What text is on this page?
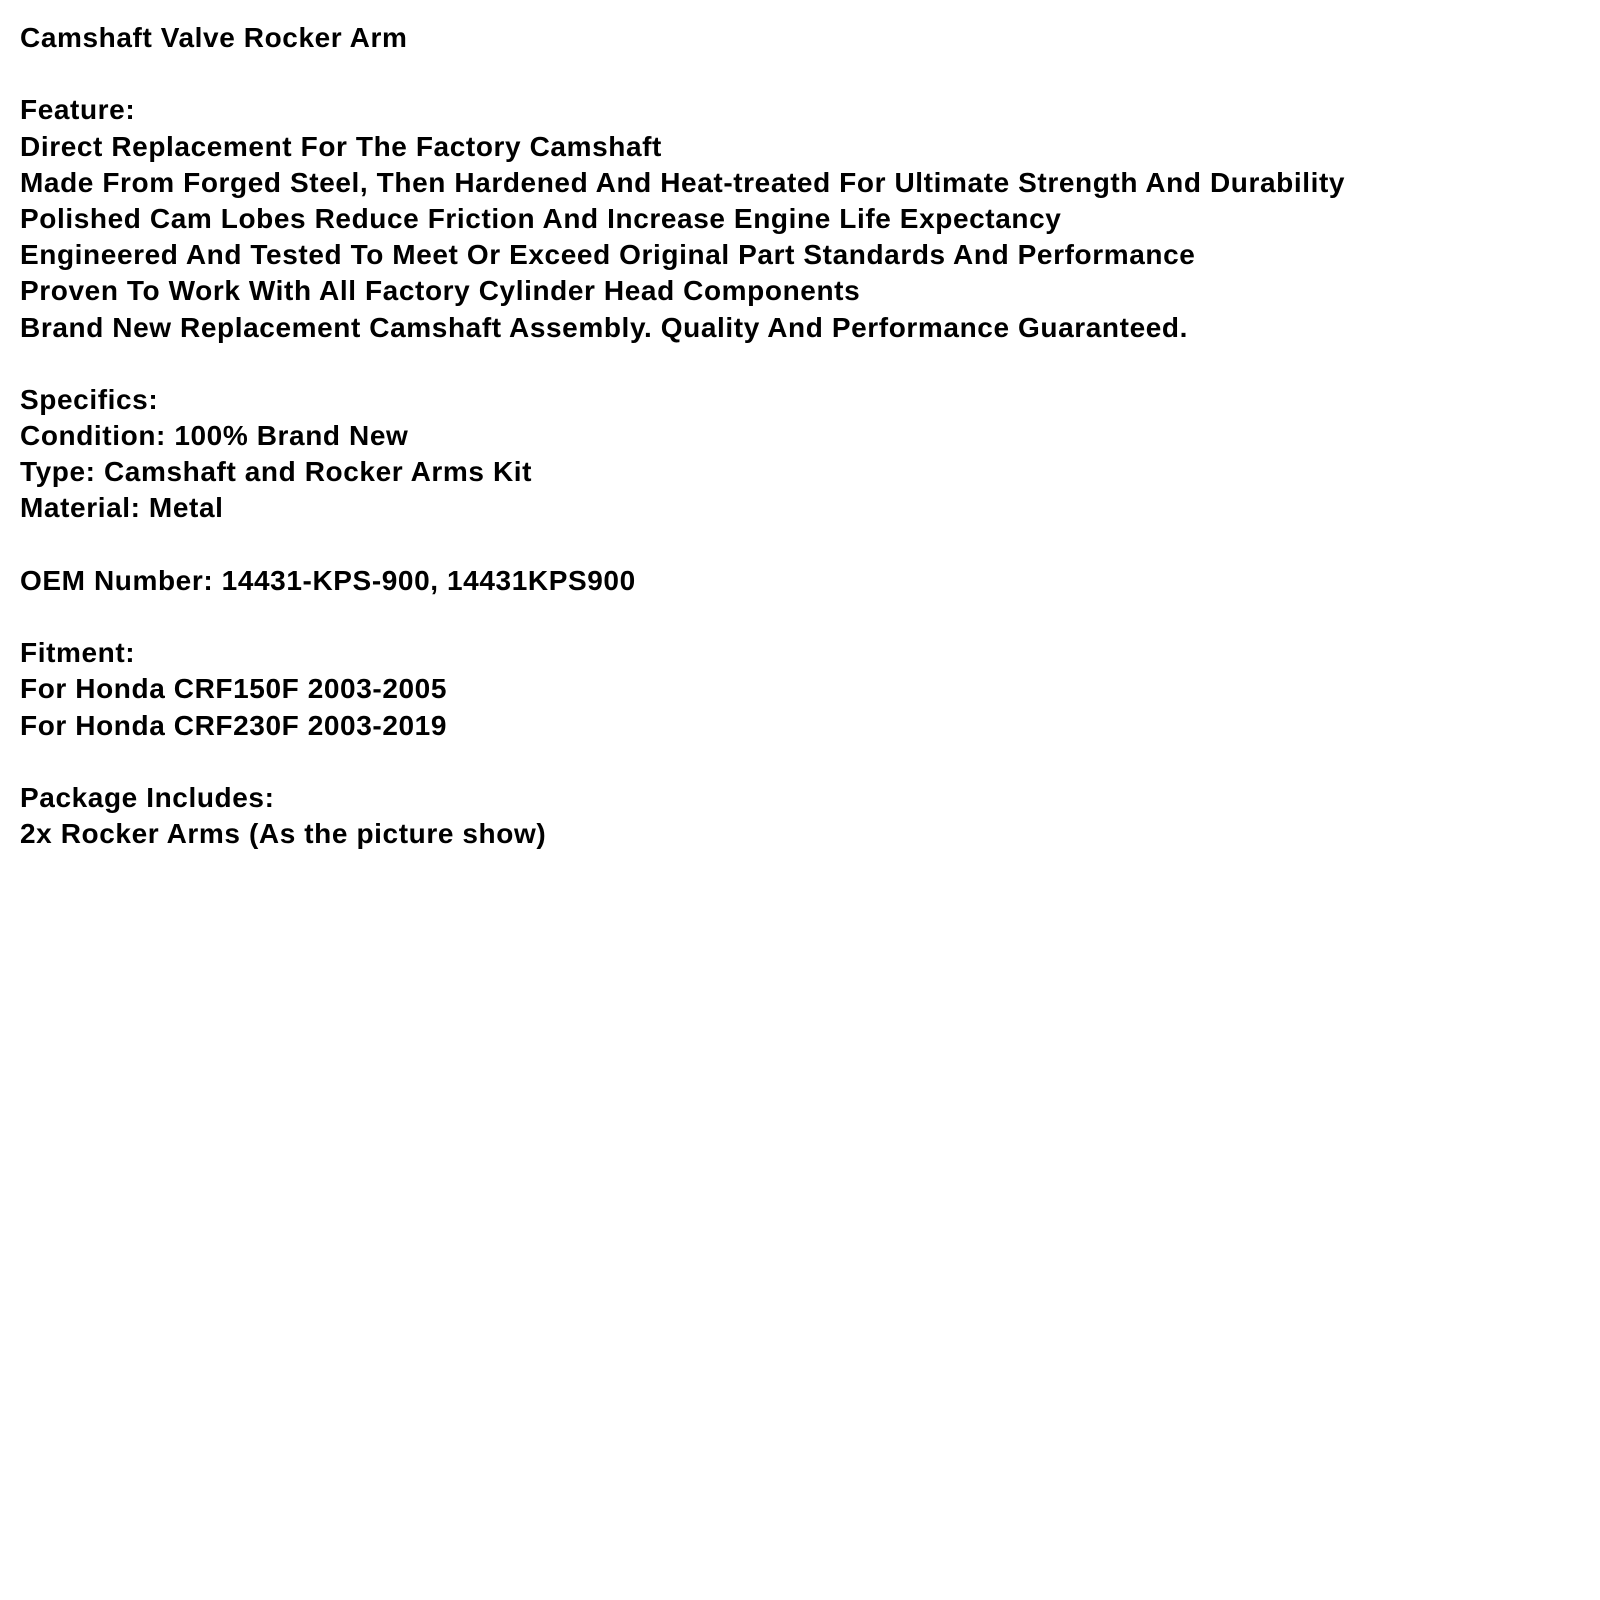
Camshaft Valve Rocker Arm
Feature:
Direct Replacement For The Factory Camshaft
Made From Forged Steel, Then Hardened And Heat-treated For Ultimate Strength And Durability
Polished Cam Lobes Reduce Friction And Increase Engine Life Expectancy
Engineered And Tested To Meet Or Exceed Original Part Standards And Performance
Proven To Work With All Factory Cylinder Head Components
Brand New Replacement Camshaft Assembly. Quality And Performance Guaranteed.
Specifics:
Condition: 100% Brand New
Type: Camshaft and Rocker Arms Kit
Material: Metal
OEM Number: 14431-KPS-900, 14431KPS900
Fitment:
For Honda CRF150F 2003-2005
For Honda CRF230F 2003-2019
Package Includes:
2x Rocker Arms (As the picture show)
